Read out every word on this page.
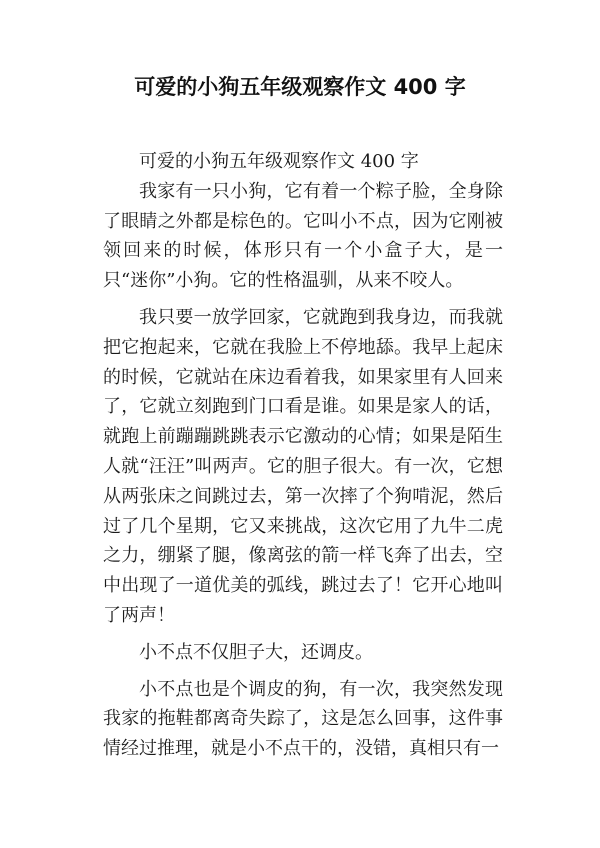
可爱的小狗五年级观察作文 400 字

可爱的小狗五年级观察作文 400 字

我家有一只小狗，它有着一个粽子脸，全身除了眼睛之外都是棕色的。它叫小不点，因为它刚被领回来的时候，体形只有一个小盒子大，是一只“迷你”小狗。它的性格温驯，从来不咬人。

我只要一放学回家，它就跑到我身边，而我就把它抱起来，它就在我脸上不停地舔。我早上起床的时候，它就站在床边看着我，如果家里有人回来了，它就立刻跑到门口看是谁。如果是家人的话，就跑上前蹦蹦跳跳表示它激动的心情；如果是陌生人就“汪汪”叫两声。它的胆子很大。有一次，它想从两张床之间跳过去，第一次摔了个狗啃泥，然后过了几个星期，它又来挑战，这次它用了九牛二虎之力，绷紧了腿，像离弦的箭一样飞奔了出去，空中出现了一道优美的弧线，跳过去了！它开心地叫了两声！

小不点不仅胆子大，还调皮。

小不点也是个调皮的狗，有一次，我突然发现我家的拖鞋都离奇失踪了，这是怎么回事，这件事情经过推理，就是小不点干的，没错，真相只有一
